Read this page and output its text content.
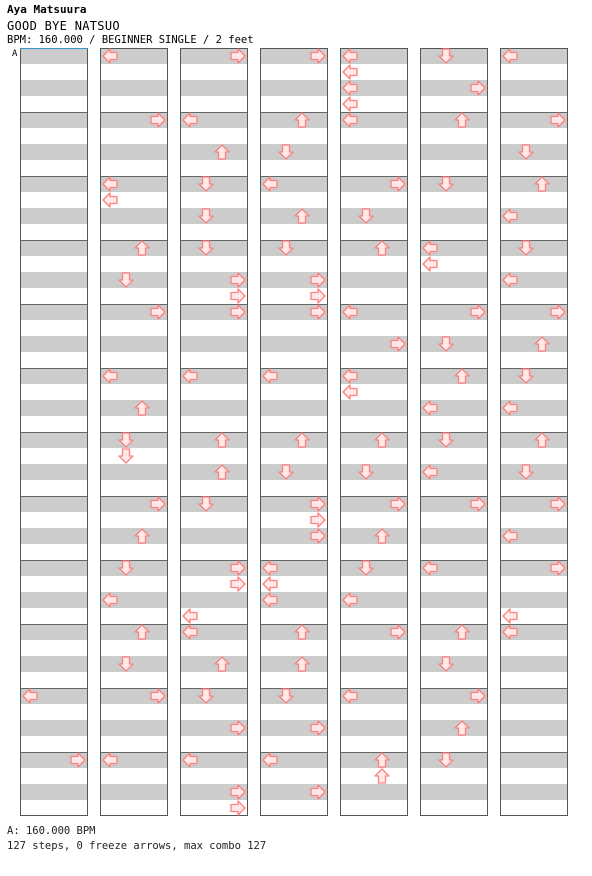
Aya Matsuura
GOOD BYE NATSUO
BPM: 160.000 / BEGINNER SINGLE / 2 feet
A
A: 160.000 BPM
127 steps, 0 freeze arrows, max combo 127
